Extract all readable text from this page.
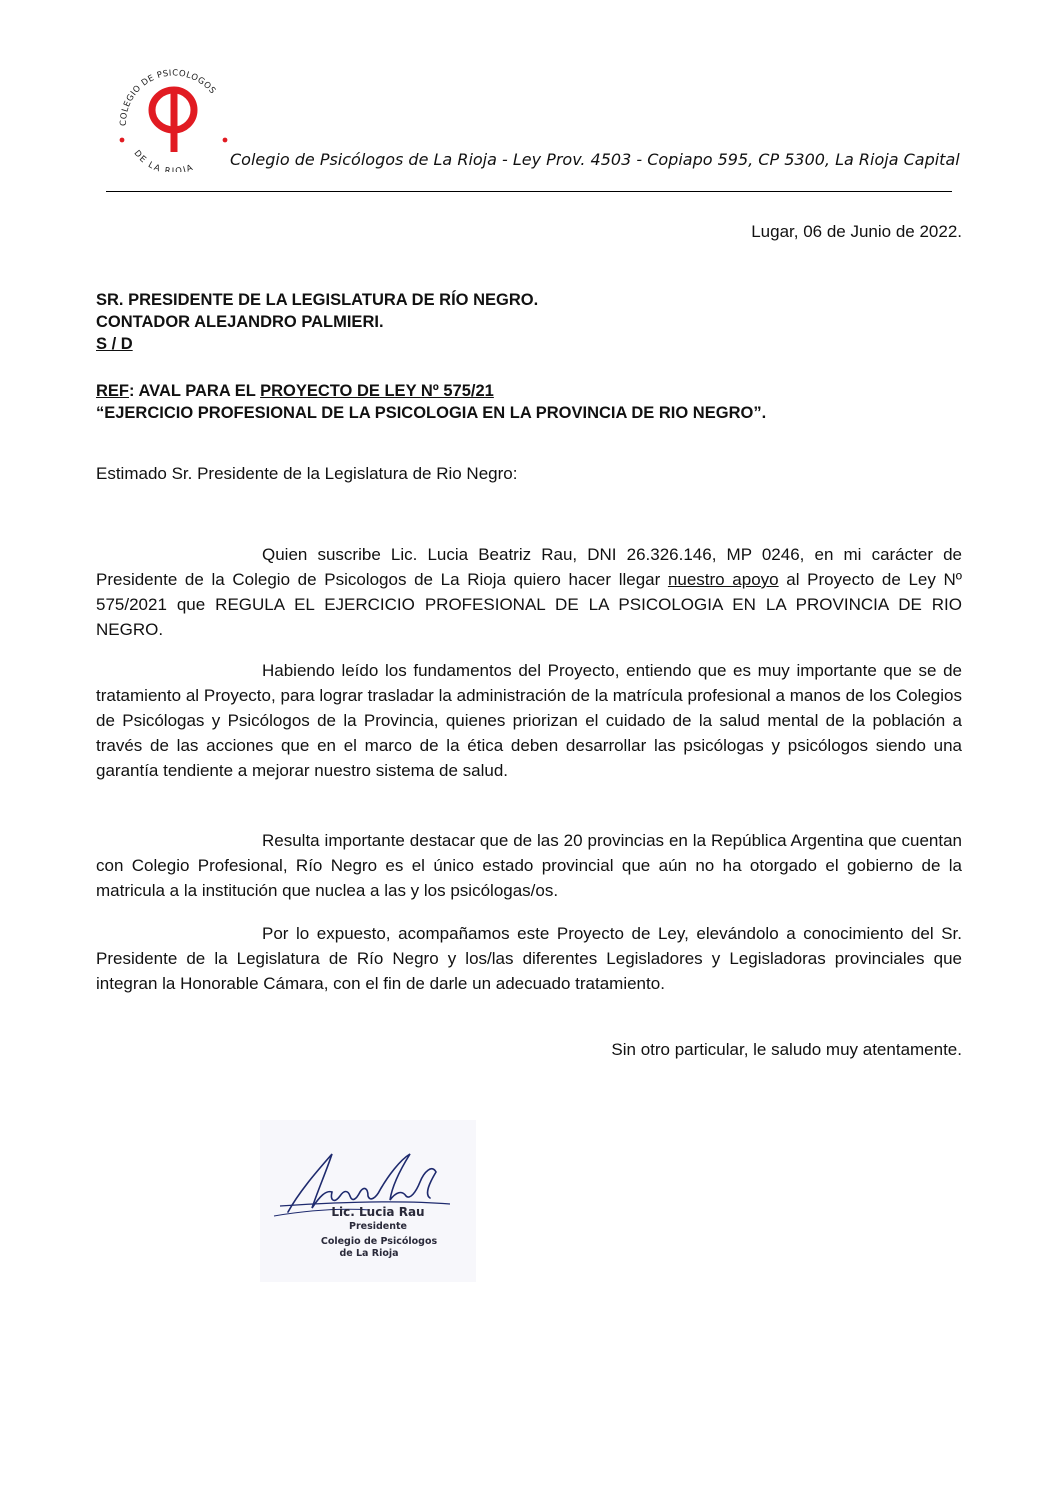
COLEGIO DE PSICOLOGOS
DE LA RIOJA Colegio de Psicólogos de La Rioja - Ley Prov. 4503 - Copiapo 595, CP 5300, La Rioja Capital
Lugar, 06 de Junio de 2022.
SR. PRESIDENTE DE LA LEGISLATURA DE RÍO NEGRO.
CONTADOR ALEJANDRO PALMIERI.
S / D
REF: AVAL PARA EL PROYECTO DE LEY Nº 575/21
“EJERCICIO PROFESIONAL DE LA PSICOLOGIA EN LA PROVINCIA DE RIO NEGRO”.
Estimado Sr. Presidente de la Legislatura de Rio Negro:

Quien suscribe Lic. Lucia Beatriz Rau, DNI 26.326.146, MP 0246, en mi carácter de Presidente de la Colegio de Psicologos de La Rioja quiero hacer llegar nuestro apoyo al Proyecto de Ley Nº 575/2021 que REGULA EL EJERCICIO PROFESIONAL DE LA PSICOLOGIA EN LA PROVINCIA DE RIO NEGRO.

Habiendo leído los fundamentos del Proyecto, entiendo que es muy importante que se de tratamiento al Proyecto, para lograr trasladar la administración de la matrícula profesional a manos de los Colegios de Psicólogas y Psicólogos de la Provincia, quienes priorizan el cuidado de la salud mental de la población a través de las acciones que en el marco de la ética deben desarrollar las psicólogas y psicólogos siendo una garantía tendiente a mejorar nuestro sistema de salud.

Resulta importante destacar que de las 20 provincias en la República Argentina que cuentan con Colegio Profesional, Río Negro es el único estado provincial que aún no ha otorgado el gobierno de la matricula a la institución que nuclea a las y los psicólogas/os.

Por lo expuesto, acompañamos este Proyecto de Ley, elevándolo a conocimiento del Sr. Presidente de la Legislatura de Río Negro y los/las diferentes Legisladores y Legisladoras provinciales que integran la Honorable Cámara, con el fin de darle un adecuado tratamiento.

Sin otro particular, le saludo muy atentamente.
Lic. Lucia Rau
Presidente
Colegio de Psicólogos
de La Rioja
